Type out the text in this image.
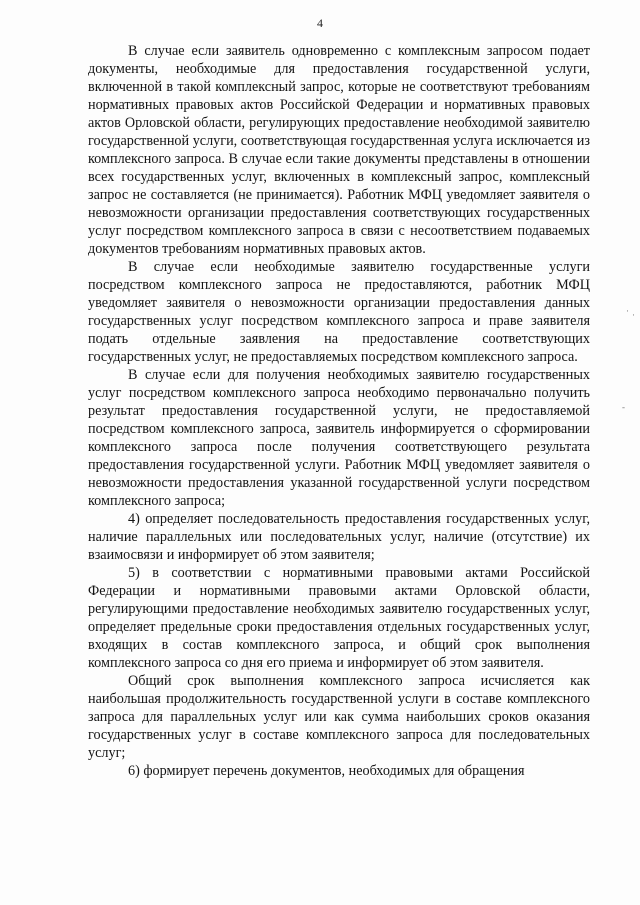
4

В случае если заявитель одновременно с комплексным запросом подает документы, необходимые для предоставления государственной услуги, включенной в такой комплексный запрос, которые не соответствуют требованиям нормативных правовых актов Российской Федерации и нормативных правовых актов Орловской области, регулирующих предоставление необходимой заявителю государственной услуги, соответствующая государственная услуга исключается из комплексного запроса. В случае если такие документы представлены в отношении всех государственных услуг, включенных в комплексный запрос, комплексный запрос не составляется (не принимается). Работник МФЦ уведомляет заявителя о невозможности организации предоставления соответствующих государственных услуг посредством комплексного запроса в связи с несоответствием подаваемых документов требованиям нормативных правовых актов.

В случае если необходимые заявителю государственные услуги посредством комплексного запроса не предоставляются, работник МФЦ уведомляет заявителя о невозможности организации предоставления данных государственных услуг посредством комплексного запроса и праве заявителя подать отдельные заявления на предоставление соответствующих государственных услуг, не предоставляемых посредством комплексного запроса.

В случае если для получения необходимых заявителю государственных услуг посредством комплексного запроса необходимо первоначально получить результат предоставления государственной услуги, не предоставляемой посредством комплексного запроса, заявитель информируется о сформировании комплексного запроса после получения соответствующего результата предоставления государственной услуги. Работник МФЦ уведомляет заявителя о невозможности предоставления указанной государственной услуги посредством комплексного запроса;

4) определяет последовательность предоставления государственных услуг, наличие параллельных или последовательных услуг, наличие (отсутствие) их взаимосвязи и информирует об этом заявителя;

5) в соответствии с нормативными правовыми актами Российской Федерации и нормативными правовыми актами Орловской области, регулирующими предоставление необходимых заявителю государственных услуг, определяет предельные сроки предоставления отдельных государственных услуг, входящих в состав комплексного запроса, и общий срок выполнения комплексного запроса со дня его приема и информирует об этом заявителя.

Общий срок выполнения комплексного запроса исчисляется как наибольшая продолжительность государственной услуги в составе комплексного запроса для параллельных услуг или как сумма наибольших сроков оказания государственных услуг в составе комплексного запроса для последовательных услуг;

6) формирует перечень документов, необходимых для обращения

· ·
-
